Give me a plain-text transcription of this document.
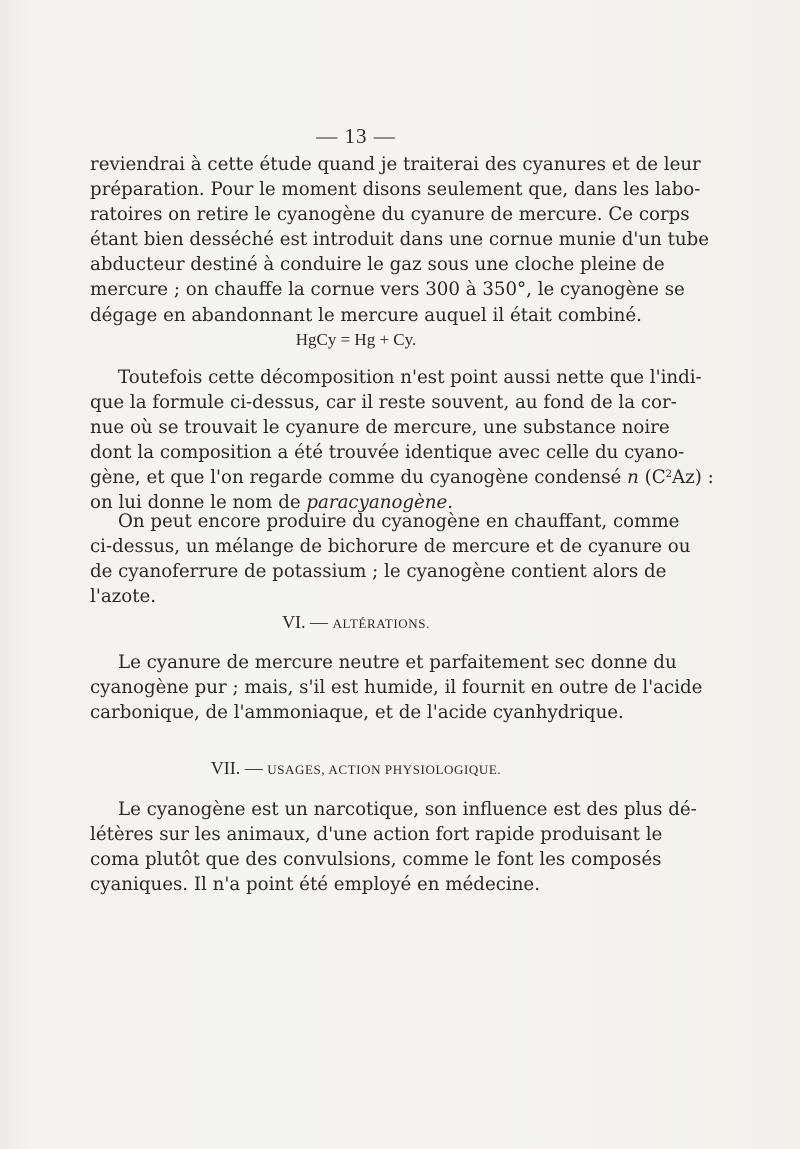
— 13 —
reviendrai à cette étude quand je traiterai des cyanures et de leur
préparation. Pour le moment disons seulement que, dans les labo-
ratoires on retire le cyanogène du cyanure de mercure. Ce corps
étant bien desséché est introduit dans une cornue munie d'un tube
abducteur destiné à conduire le gaz sous une cloche pleine de
mercure ; on chauffe la cornue vers 300 à 350°, le cyanogène se
dégage en abandonnant le mercure auquel il était combiné.
HgCy = Hg + Cy.
Toutefois cette décomposition n'est point aussi nette que l'indi-
que la formule ci-dessus, car il reste souvent, au fond de la cor-
nue où se trouvait le cyanure de mercure, une substance noire
dont la composition a été trouvée identique avec celle du cyano-
gène, et que l'on regarde comme du cyanogène condensé n $(C^2Az)$ :
on lui donne le nom de paracyanogène.
On peut encore produire du cyanogène en chauffant, comme
ci-dessus, un mélange de bichorure de mercure et de cyanure ou
de cyanoferrure de potassium ; le cyanogène contient alors de
l'azote.
VI. — ALTÉRATIONS.
Le cyanure de mercure neutre et parfaitement sec donne du
cyanogène pur ; mais, s'il est humide, il fournit en outre de l'acide
carbonique, de l'ammoniaque, et de l'acide cyanhydrique.
VII. — USAGES, ACTION PHYSIOLOGIQUE.
Le cyanogène est un narcotique, son influence est des plus dé-
létères sur les animaux, d'une action fort rapide produisant le
coma plutôt que des convulsions, comme le font les composés
cyaniques. Il n'a point été employé en médecine.
